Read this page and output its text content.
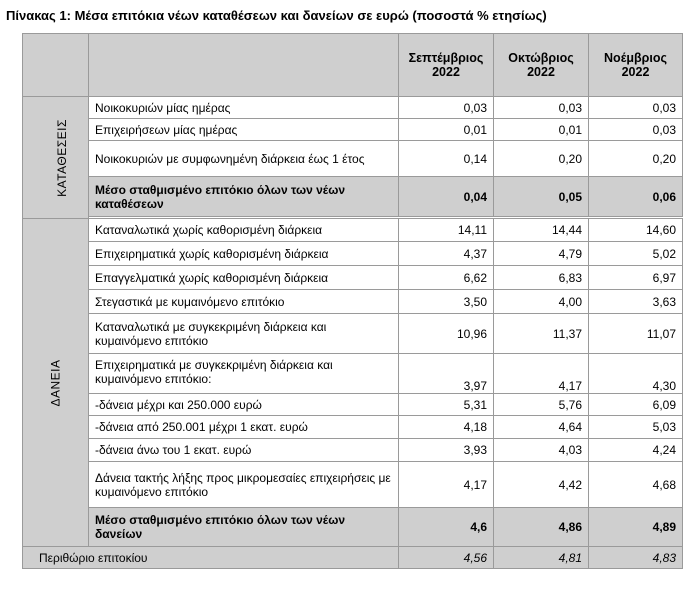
Πίνακας 1: Μέσα επιτόκια νέων καταθέσεων και δανείων σε ευρώ (ποσοστά % ετησίως)
		Σεπτέμβριος 2022	Οκτώβριος 2022	Νοέμβριος 2022
ΚΑΤΑΘΕΣΕΙΣ	Νοικοκυριών μίας ημέρας	0,03	0,03	0,03
	Επιχειρήσεων μίας ημέρας	0,01	0,01	0,03
	Νοικοκυριών με συμφωνημένη διάρκεια έως 1 έτος	0,14	0,20	0,20
	Μέσο σταθμισμένο επιτόκιο όλων των νέων καταθέσεων	0,04	0,05	0,06

ΔΑΝΕΙΑ	Καταναλωτικά χωρίς καθορισμένη διάρκεια	14,11	14,44	14,60
	Επιχειρηματικά χωρίς καθορισμένη διάρκεια	4,37	4,79	5,02
	Επαγγελματικά χωρίς καθορισμένη διάρκεια	6,62	6,83	6,97
	Στεγαστικά με κυμαινόμενο επιτόκιο	3,50	4,00	3,63
	Καταναλωτικά με συγκεκριμένη διάρκεια και κυμαινόμενο επιτόκιο	10,96	11,37	11,07
	Επιχειρηματικά με συγκεκριμένη διάρκεια και κυμαινόμενο επιτόκιο:	3,97	4,17	4,30
	-δάνεια μέχρι και 250.000 ευρώ	5,31	5,76	6,09
	-δάνεια από 250.001 μέχρι 1 εκατ. ευρώ	4,18	4,64	5,03
	-δάνεια άνω του 1 εκατ. ευρώ	3,93	4,03	4,24
	Δάνεια τακτής λήξης προς μικρομεσαίες επιχειρήσεις με κυμαινόμενο επιτόκιο	4,17	4,42	4,68
	Μέσο σταθμισμένο επιτόκιο όλων των νέων δανείων	4,6	4,86	4,89
Περιθώριο επιτοκίου		4,56	4,81	4,83
